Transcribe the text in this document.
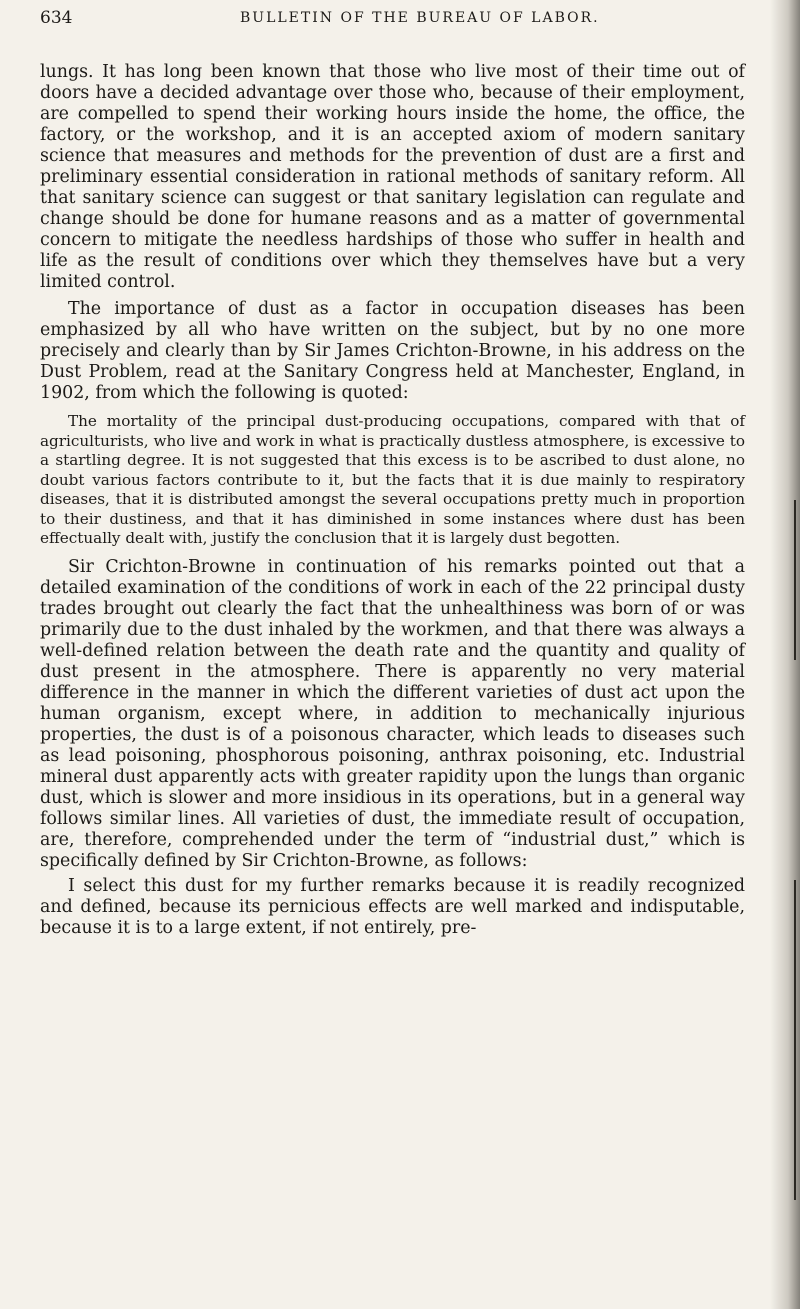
634	BULLETIN OF THE BUREAU OF LABOR.

lungs. It has long been known that those who live most of their time out of doors have a decided advantage over those who, because of their employment, are compelled to spend their working hours inside the home, the office, the factory, or the workshop, and it is an accepted axiom of modern sanitary science that measures and methods for the prevention of dust are a first and preliminary essential consideration in rational methods of sanitary reform. All that sanitary science can suggest or that sanitary legislation can regulate and change should be done for humane reasons and as a matter of governmental concern to mitigate the needless hardships of those who suffer in health and life as the result of conditions over which they themselves have but a very limited control.

The importance of dust as a factor in occupation diseases has been emphasized by all who have written on the subject, but by no one more precisely and clearly than by Sir James Crichton-Browne, in his address on the Dust Problem, read at the Sanitary Congress held at Manchester, England, in 1902, from which the following is quoted:

The mortality of the principal dust-producing occupations, compared with that of agriculturists, who live and work in what is practically dustless atmosphere, is excessive to a startling degree. It is not suggested that this excess is to be ascribed to dust alone, no doubt various factors contribute to it, but the facts that it is due mainly to respiratory diseases, that it is distributed amongst the several occupations pretty much in proportion to their dustiness, and that it has diminished in some instances where dust has been effectually dealt with, justify the conclusion that it is largely dust begotten.

Sir Crichton-Browne in continuation of his remarks pointed out that a detailed examination of the conditions of work in each of the 22 principal dusty trades brought out clearly the fact that the unhealthiness was born of or was primarily due to the dust inhaled by the workmen, and that there was always a well-defined relation between the death rate and the quantity and quality of dust present in the atmosphere. There is apparently no very material difference in the manner in which the different varieties of dust act upon the human organism, except where, in addition to mechanically injurious properties, the dust is of a poisonous character, which leads to diseases such as lead poisoning, phosphorous poisoning, anthrax poisoning, etc. Industrial mineral dust apparently acts with greater rapidity upon the lungs than organic dust, which is slower and more insidious in its operations, but in a general way follows similar lines. All varieties of dust, the immediate result of occupation, are, therefore, comprehended under the term of “industrial dust,” which is specifically defined by Sir Crichton-Browne, as follows:

I select this dust for my further remarks because it is readily recognized and defined, because its pernicious effects are well marked and indisputable, because it is to a large extent, if not entirely, pre-
